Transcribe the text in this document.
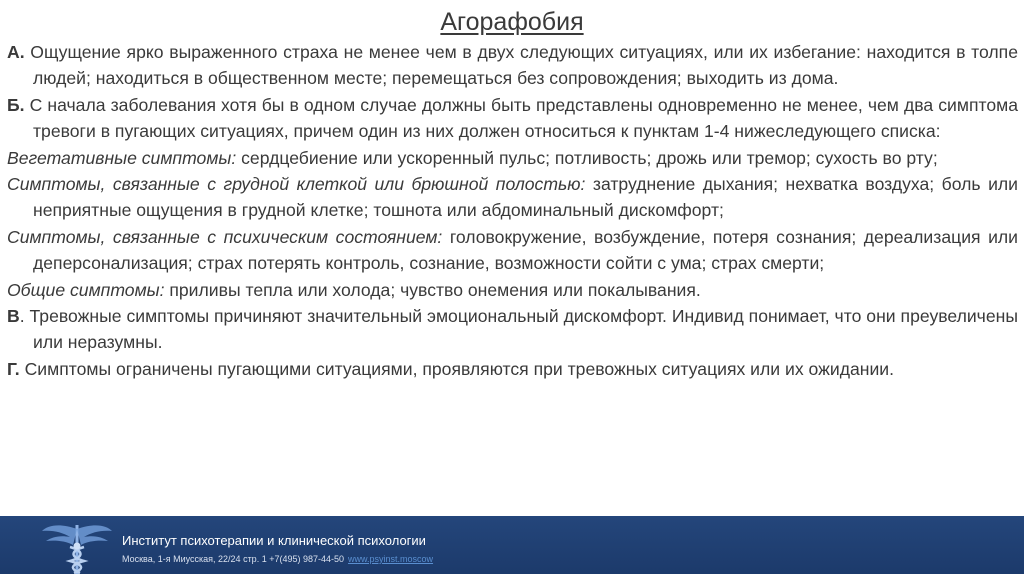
Агорафобия

А. Ощущение ярко выраженного страха не менее чем в двух следующих ситуациях, или их избегание: находится в толпе людей; находиться в общественном месте; перемещаться без сопровождения; выходить из дома.

Б. С начала заболевания хотя бы в одном случае должны быть представлены одновременно не менее, чем два симптома тревоги в пугающих ситуациях, причем один из них должен относиться к пунктам 1-4 нижеследующего списка:

Вегетативные симптомы: сердцебиение или ускоренный пульс; потливость; дрожь или тремор; сухость во рту;

Симптомы, связанные с грудной клеткой или брюшной полостью: затруднение дыхания; нехватка воздуха; боль или неприятные ощущения в грудной клетке; тошнота или абдоминальный дискомфорт;

Симптомы, связанные с психическим состоянием: головокружение, возбуждение, потеря сознания; дереализация или деперсонализация; страх потерять контроль, сознание, возможности сойти с ума; страх смерти;

Общие симптомы: приливы тепла или холода; чувство онемения или покалывания.

В. Тревожные симптомы причиняют значительный эмоциональный дискомфорт. Индивид понимает, что они преувеличены или неразумны.

Г. Симптомы ограничены пугающими ситуациями, проявляются при тревожных ситуациях или их ожидании.

Институт психотерапии и клинической психологии
Москва, 1-я Миусская, 22/24 стр. 1 +7(495) 987-44-50 www.psyinst.moscow
